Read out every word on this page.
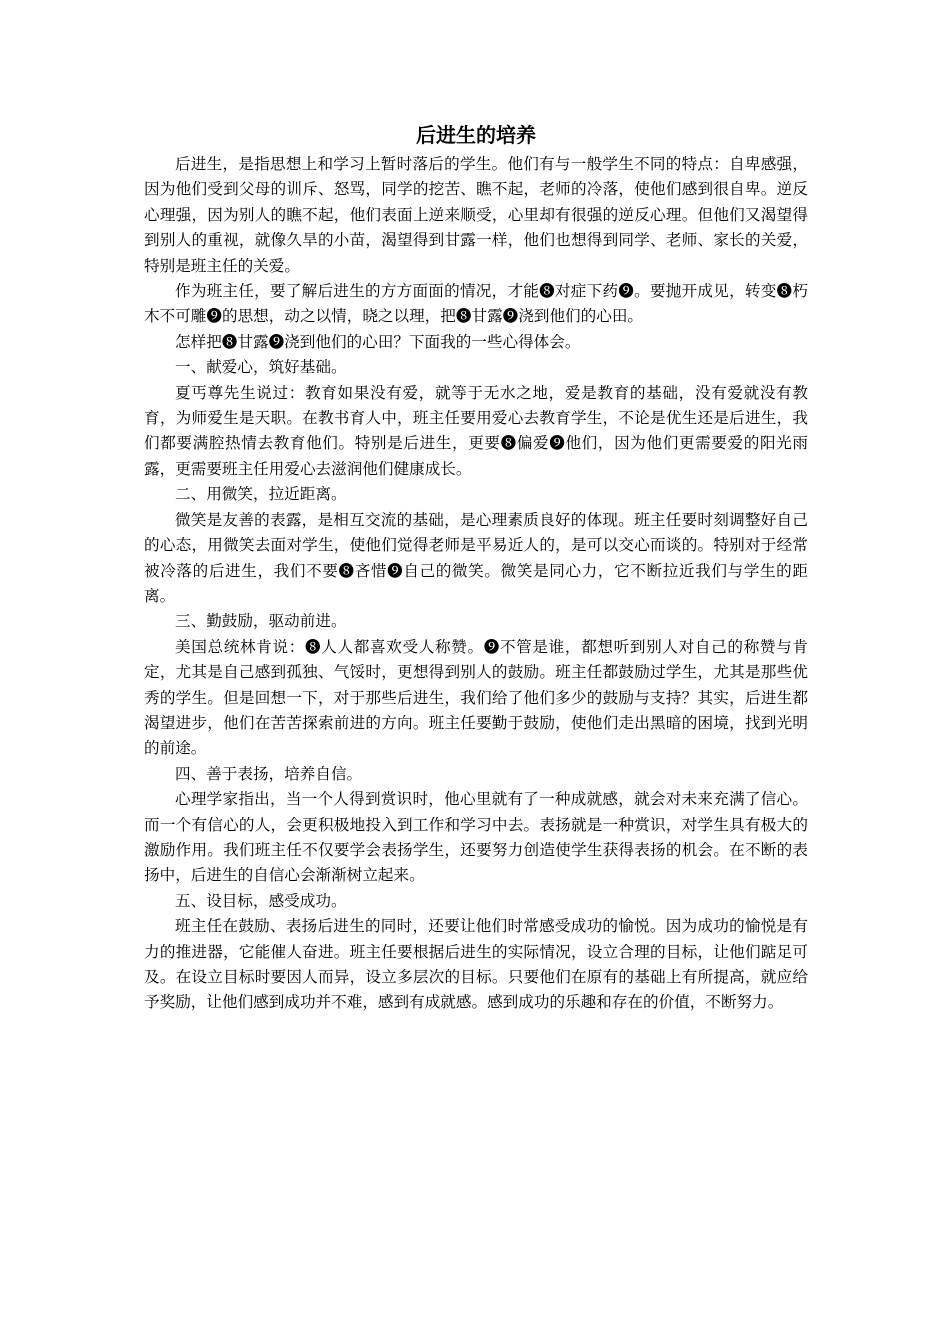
后进生的培养

后进生，是指思想上和学习上暂时落后的学生。他们有与一般学生不同的特点：自卑感强，因为他们受到父母的训斥、怒骂，同学的挖苦、瞧不起，老师的冷落，使他们感到很自卑。逆反心理强，因为别人的瞧不起，他们表面上逆来顺受，心里却有很强的逆反心理。但他们又渴望得到别人的重视，就像久旱的小苗，渴望得到甘露一样，他们也想得到同学、老师、家长的关爱，特别是班主任的关爱。

作为班主任，要了解后进生的方方面面的情况，才能❽对症下药❾。要抛开成见，转变❽朽木不可雕❾的思想，动之以情，晓之以理，把❽甘露❾浇到他们的心田。

怎样把❽甘露❾浇到他们的心田？下面我的一些心得体会。

一、献爱心，筑好基础。

夏丐尊先生说过：教育如果没有爱，就等于无水之地，爱是教育的基础，没有爱就没有教育，为师爱生是天职。在教书育人中，班主任要用爱心去教育学生，不论是优生还是后进生，我们都要满腔热情去教育他们。特别是后进生，更要❽偏爱❾他们，因为他们更需要爱的阳光雨露，更需要班主任用爱心去滋润他们健康成长。

二、用微笑，拉近距离。

微笑是友善的表露，是相互交流的基础，是心理素质良好的体现。班主任要时刻调整好自己的心态，用微笑去面对学生，使他们觉得老师是平易近人的，是可以交心而谈的。特别对于经常被冷落的后进生，我们不要❽吝惜❾自己的微笑。微笑是同心力，它不断拉近我们与学生的距离。

三、勤鼓励，驱动前进。

美国总统林肯说：❽人人都喜欢受人称赞。❾不管是谁，都想听到别人对自己的称赞与肯定，尤其是自己感到孤独、气馁时，更想得到别人的鼓励。班主任都鼓励过学生，尤其是那些优秀的学生。但是回想一下，对于那些后进生，我们给了他们多少的鼓励与支持？其实，后进生都渴望进步，他们在苦苦探索前进的方向。班主任要勤于鼓励，使他们走出黑暗的困境，找到光明的前途。

四、善于表扬，培养自信。

心理学家指出，当一个人得到赏识时，他心里就有了一种成就感，就会对未来充满了信心。而一个有信心的人，会更积极地投入到工作和学习中去。表扬就是一种赏识，对学生具有极大的激励作用。我们班主任不仅要学会表扬学生，还要努力创造使学生获得表扬的机会。在不断的表扬中，后进生的自信心会渐渐树立起来。

五、设目标，感受成功。

班主任在鼓励、表扬后进生的同时，还要让他们时常感受成功的愉悦。因为成功的愉悦是有力的推进器，它能催人奋进。班主任要根据后进生的实际情况，设立合理的目标，让他们踮足可及。在设立目标时要因人而异，设立多层次的目标。只要他们在原有的基础上有所提高，就应给予奖励，让他们感到成功并不难，感到有成就感。感到成功的乐趣和存在的价值，不断努力。
